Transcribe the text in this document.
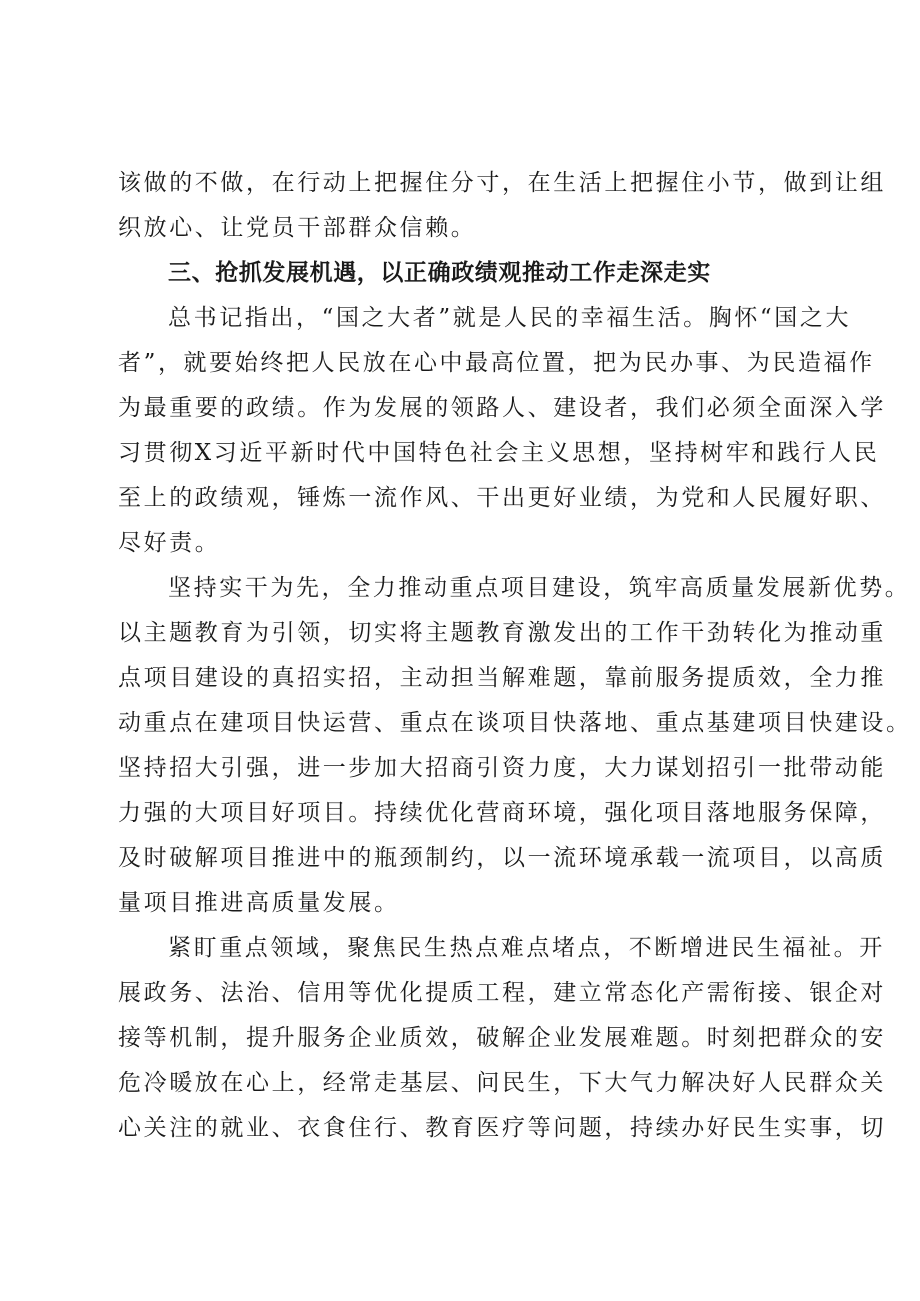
该做的不做，在行动上把握住分寸，在生活上把握住小节，做到让组
织放心、让党员干部群众信赖。
三、抢抓发展机遇，以正确政绩观推动工作走深走实
总书记指出，“国之大者”就是人民的幸福生活。胸怀“国之大
者”，就要始终把人民放在心中最高位置，把为民办事、为民造福作
为最重要的政绩。作为发展的领路人、建设者，我们必须全面深入学
习贯彻X习近平新时代中国特色社会主义思想，坚持树牢和践行人民
至上的政绩观，锤炼一流作风、干出更好业绩，为党和人民履好职、
尽好责。
坚持实干为先，全力推动重点项目建设，筑牢高质量发展新优势。
以主题教育为引领，切实将主题教育激发出的工作干劲转化为推动重
点项目建设的真招实招，主动担当解难题，靠前服务提质效，全力推
动重点在建项目快运营、重点在谈项目快落地、重点基建项目快建设。
坚持招大引强，进一步加大招商引资力度，大力谋划招引一批带动能
力强的大项目好项目。持续优化营商环境，强化项目落地服务保障，
及时破解项目推进中的瓶颈制约，以一流环境承载一流项目，以高质
量项目推进高质量发展。
紧盯重点领域，聚焦民生热点难点堵点，不断增进民生福祉。开
展政务、法治、信用等优化提质工程，建立常态化产需衔接、银企对
接等机制，提升服务企业质效，破解企业发展难题。时刻把群众的安
危冷暖放在心上，经常走基层、问民生，下大气力解决好人民群众关
心关注的就业、衣食住行、教育医疗等问题，持续办好民生实事，切
